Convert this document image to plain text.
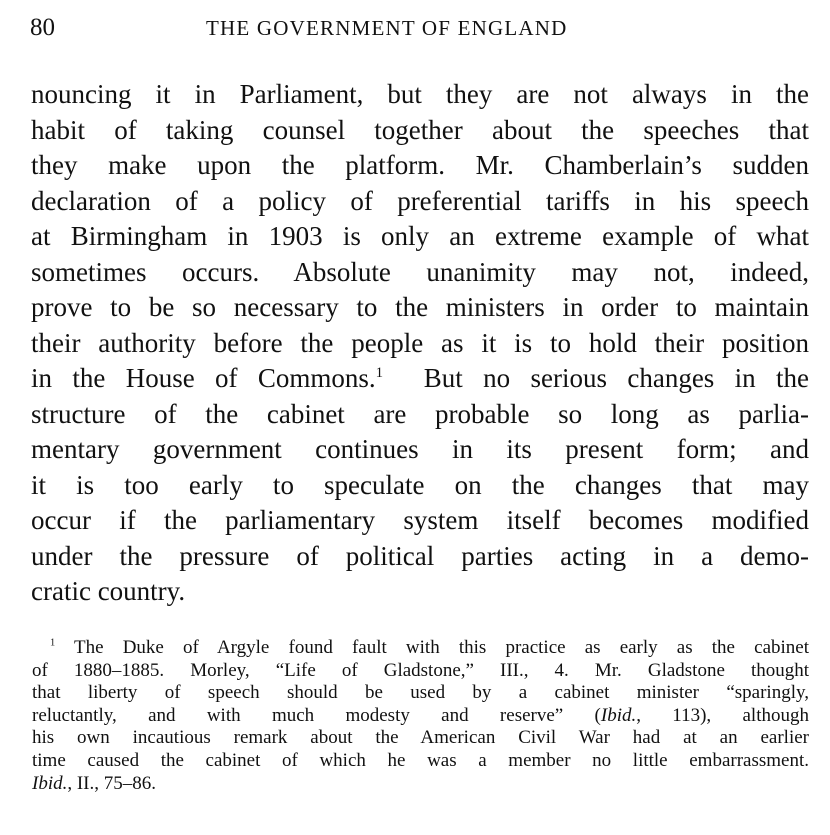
80	THE GOVERNMENT OF ENGLAND
nouncing it in Parliament, but they are not always in the
habit of taking counsel together about the speeches that
they make upon the platform. Mr. Chamberlain’s sudden
declaration of a policy of preferential tariffs in his speech
at Birmingham in 1903 is only an extreme example of what
sometimes occurs. Absolute unanimity may not, indeed,
prove to be so necessary to the ministers in order to maintain
their authority before the people as it is to hold their position
in the House of Commons.$^1$ But no serious changes in the
structure of the cabinet are probable so long as parlia-
mentary government continues in its present form; and
it is too early to speculate on the changes that may
occur if the parliamentary system itself becomes modified
under the pressure of political parties acting in a demo-
cratic country.
$^1$ The Duke of Argyle found fault with this practice as early as the cabinet
of 1880–1885. Morley, “Life of Gladstone,” III., 4. Mr. Gladstone thought
that liberty of speech should be used by a cabinet minister “sparingly,
reluctantly, and with much modesty and reserve” (Ibid., 113), although
his own incautious remark about the American Civil War had at an earlier
time caused the cabinet of which he was a member no little embarrassment.
Ibid., II., 75–86.
